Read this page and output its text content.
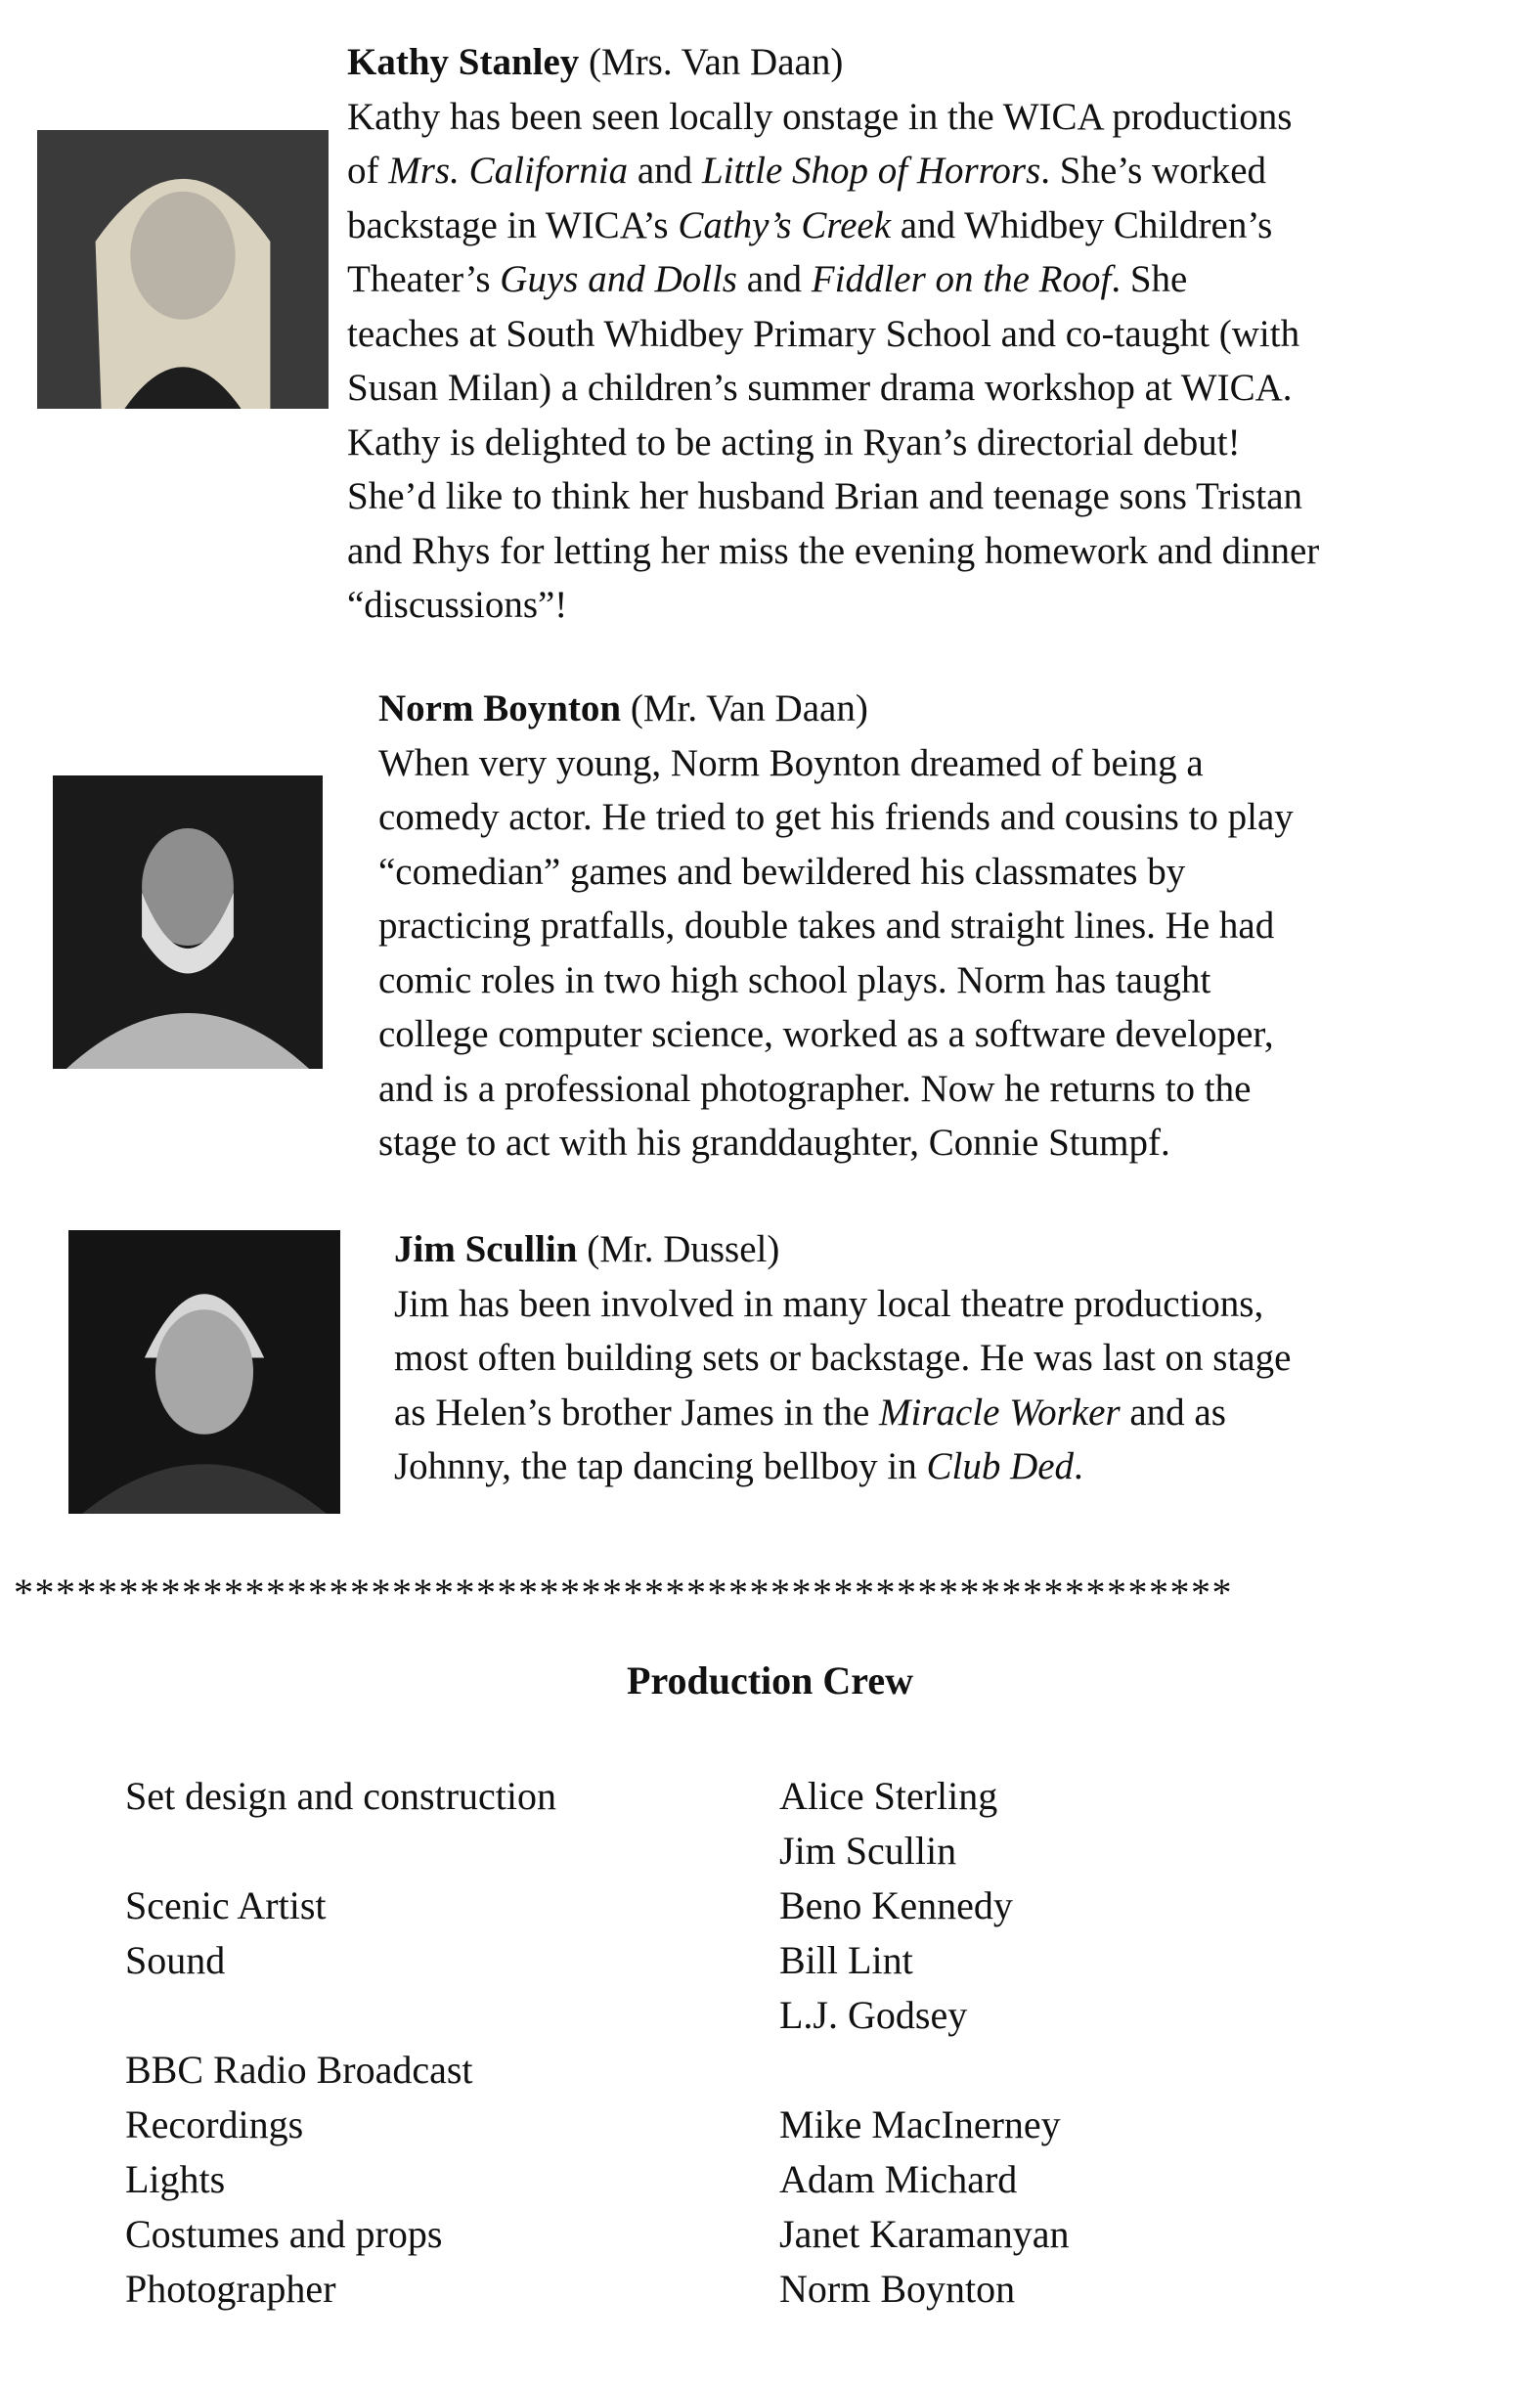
Kathy Stanley (Mrs. Van Daan)

Kathy has been seen locally onstage in the WICA productions

of Mrs. California and Little Shop of Horrors. She’s worked

backstage in WICA’s Cathy’s Creek and Whidbey Children’s

Theater’s Guys and Dolls and Fiddler on the Roof. She

teaches at South Whidbey Primary School and co-taught (with

Susan Milan) a children’s summer drama workshop at WICA.

Kathy is delighted to be acting in Ryan’s directorial debut!

She’d like to think her husband Brian and teenage sons Tristan

and Rhys for letting her miss the evening homework and dinner

“discussions”!

Norm Boynton (Mr. Van Daan)

When very young, Norm Boynton dreamed of being a

comedy actor. He tried to get his friends and cousins to play

“comedian” games and bewildered his classmates by

practicing pratfalls, double takes and straight lines. He had

comic roles in two high school plays. Norm has taught

college computer science, worked as a software developer,

and is a professional photographer. Now he returns to the

stage to act with his granddaughter, Connie Stumpf.

Jim Scullin (Mr. Dussel)

Jim has been involved in many local theatre productions,

most often building sets or backstage. He was last on stage

as Helen’s brother James in the Miracle Worker and as

Johnny, the tap dancing bellboy in Club Ded.

**********************************************************
Production Crew
Set design and construction
Scenic Artist
Sound
BBC Radio Broadcast
Recordings
Lights
Costumes and props
Photographer
Alice Sterling
Jim Scullin
Beno Kennedy
Bill Lint
L.J. Godsey
Mike MacInerney
Adam Michard
Janet Karamanyan
Norm Boynton
